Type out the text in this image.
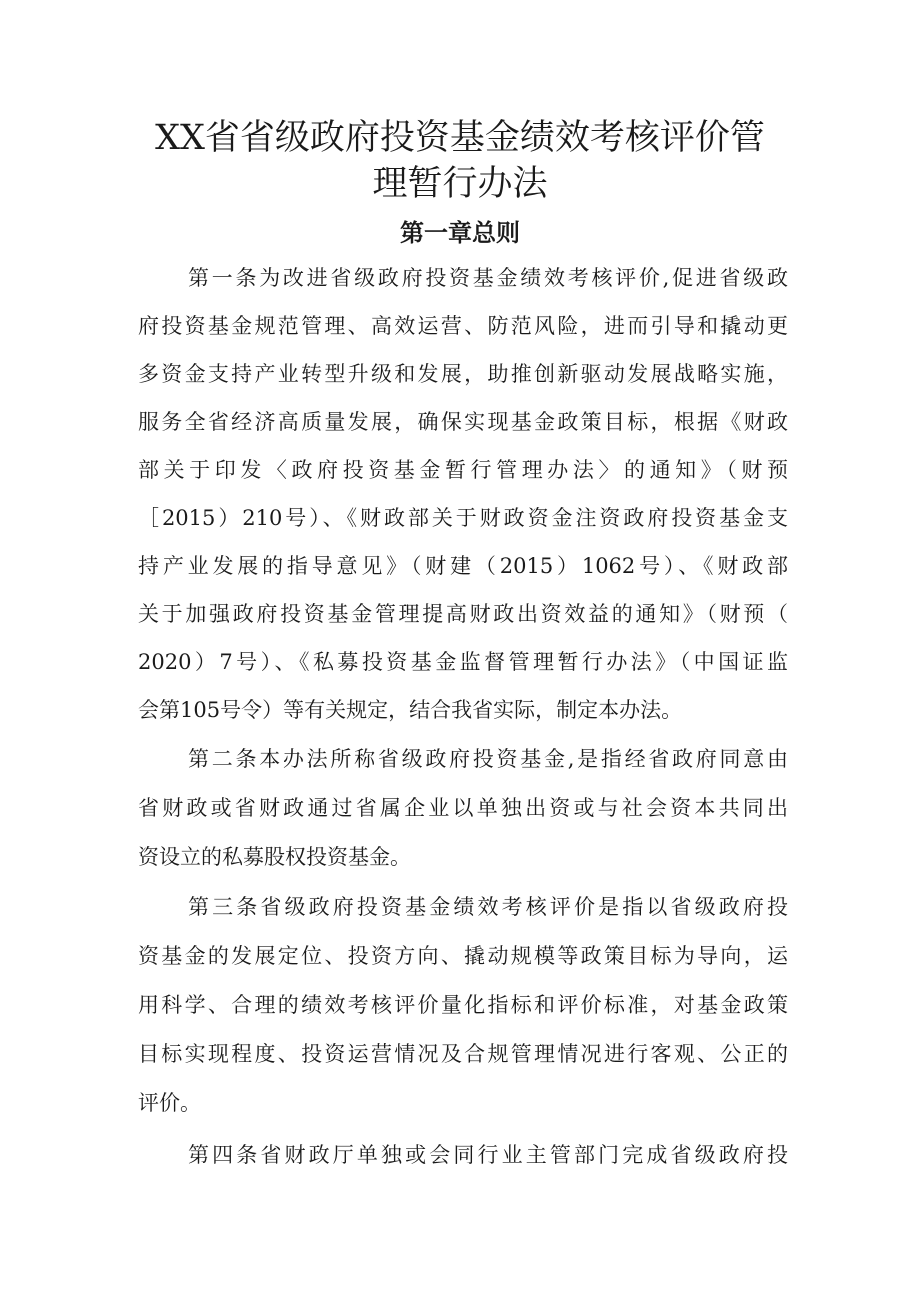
XX省省级政府投资基金绩效考核评价管
理暂行办法
第一章总则
第一条为改进省级政府投资基金绩效考核评价,促进省级政
府投资基金规范管理、高效运营、防范风险，进而引导和撬动更
多资金支持产业转型升级和发展，助推创新驱动发展战略实施，
服务全省经济高质量发展，确保实现基金政策目标，根据《财政
部关于印发〈政府投资基金暂行管理办法〉的通知》（财预
［2015）210号）、《财政部关于财政资金注资政府投资基金支
持产业发展的指导意见》（财建（2015）1062号）、《财政部
关于加强政府投资基金管理提高财政出资效益的通知》（财预（
2020）7号）、《私募投资基金监督管理暂行办法》（中国证监
会第105号令）等有关规定，结合我省实际，制定本办法。
第二条本办法所称省级政府投资基金,是指经省政府同意由
省财政或省财政通过省属企业以单独出资或与社会资本共同出
资设立的私募股权投资基金。
第三条省级政府投资基金绩效考核评价是指以省级政府投
资基金的发展定位、投资方向、撬动规模等政策目标为导向，运
用科学、合理的绩效考核评价量化指标和评价标准，对基金政策
目标实现程度、投资运营情况及合规管理情况进行客观、公正的
评价。
第四条省财政厅单独或会同行业主管部门完成省级政府投
